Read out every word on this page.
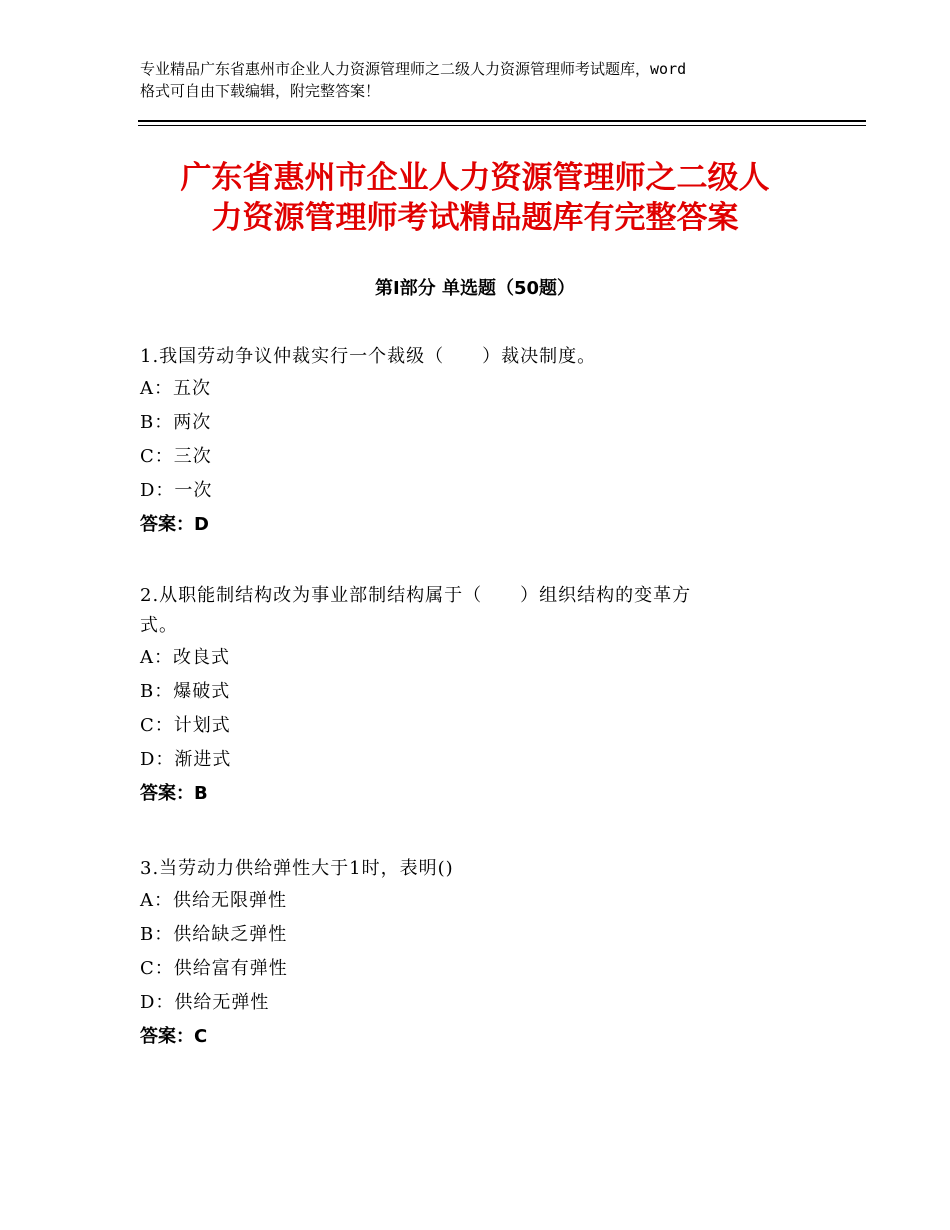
专业精品广东省惠州市企业人力资源管理师之二级人力资源管理师考试题库，word
格式可自由下载编辑，附完整答案！
广东省惠州市企业人力资源管理师之二级人
力资源管理师考试精品题库有完整答案
第Ⅰ部分 单选题（50题）
1.我国劳动争议仲裁实行一个裁级（　　）裁决制度。
A：五次
B：两次
C：三次
D：一次
答案：D
2.从职能制结构改为事业部制结构属于（　　）组织结构的变革方
式。
A：改良式
B：爆破式
C：计划式
D：渐进式
答案：B
3.当劳动力供给弹性大于1时，表明()
A：供给无限弹性
B：供给缺乏弹性
C：供给富有弹性
D：供给无弹性
答案：C
